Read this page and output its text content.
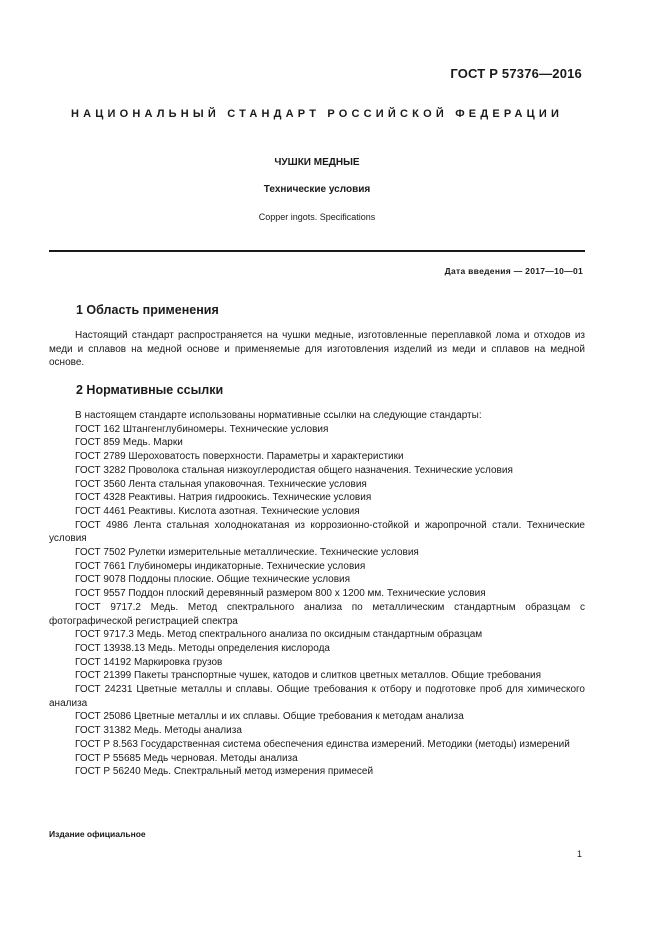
ГОСТ Р 57376—2016
НАЦИОНАЛЬНЫЙ СТАНДАРТ РОССИЙСКОЙ ФЕДЕРАЦИИ
ЧУШКИ МЕДНЫЕ
Технические условия
Copper ingots. Specifications
Дата введения — 2017—10—01
1 Область применения

Настоящий стандарт распространяется на чушки медные, изготовленные переплавкой лома и отходов из меди и сплавов на медной основе и применяемые для изготовления изделий из меди и сплавов на медной основе.

2 Нормативные ссылки
В настоящем стандарте использованы нормативные ссылки на следующие стандарты:
ГОСТ 162 Штангенглубиномеры. Технические условия
ГОСТ 859 Медь. Марки
ГОСТ 2789 Шероховатость поверхности. Параметры и характеристики
ГОСТ 3282 Проволока стальная низкоуглеродистая общего назначения. Технические условия
ГОСТ 3560 Лента стальная упаковочная. Технические условия
ГОСТ 4328 Реактивы. Натрия гидроокись. Технические условия
ГОСТ 4461 Реактивы. Кислота азотная. Технические условия
ГОСТ 4986 Лента стальная холоднокатаная из коррозионно-стойкой и жаропрочной стали. Технические условия
ГОСТ 7502 Рулетки измерительные металлические. Технические условия
ГОСТ 7661 Глубиномеры индикаторные. Технические условия
ГОСТ 9078 Поддоны плоские. Общие технические условия
ГОСТ 9557 Поддон плоский деревянный размером 800 х 1200 мм. Технические условия
ГОСТ 9717.2 Медь. Метод спектрального анализа по металлическим стандартным образцам с фотографической регистрацией спектра
ГОСТ 9717.3 Медь. Метод спектрального анализа по оксидным стандартным образцам
ГОСТ 13938.13 Медь. Методы определения кислорода
ГОСТ 14192 Маркировка грузов
ГОСТ 21399 Пакеты транспортные чушек, катодов и слитков цветных металлов. Общие требования
ГОСТ 24231 Цветные металлы и сплавы. Общие требования к отбору и подготовке проб для химического анализа
ГОСТ 25086 Цветные металлы и их сплавы. Общие требования к методам анализа
ГОСТ 31382 Медь. Методы анализа
ГОСТ Р 8.563 Государственная система обеспечения единства измерений. Методики (методы) измерений
ГОСТ Р 55685 Медь черновая. Методы анализа
ГОСТ Р 56240 Медь. Спектральный метод измерения примесей
Издание официальное
1
